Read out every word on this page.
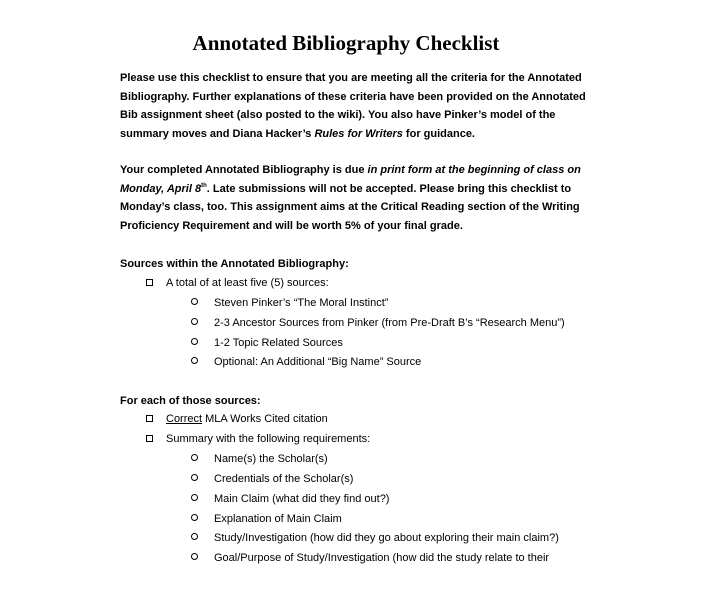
Annotated Bibliography Checklist
Please use this checklist to ensure that you are meeting all the criteria for the Annotated
Bibliography. Further explanations of these criteria have been provided on the Annotated
Bib assignment sheet (also posted to the wiki). You also have Pinker’s model of the
summary moves and Diana Hacker’s Rules for Writers for guidance.
Your completed Annotated Bibliography is due in print form at the beginning of class on
Monday, April 8th. Late submissions will not be accepted. Please bring this checklist to
Monday’s class, too. This assignment aims at the Critical Reading section of the Writing
Proficiency Requirement and will be worth 5% of your final grade.
Sources within the Annotated Bibliography:
A total of at least five (5) sources:
Steven Pinker’s “The Moral Instinct”
2-3 Ancestor Sources from Pinker (from Pre-Draft B’s “Research Menu”)
1-2 Topic Related Sources
Optional: An Additional “Big Name” Source
For each of those sources:
Correct MLA Works Cited citation
Summary with the following requirements:
Name(s) the Scholar(s)
Credentials of the Scholar(s)
Main Claim (what did they find out?)
Explanation of Main Claim
Study/Investigation (how did they go about exploring their main claim?)
Goal/Purpose of Study/Investigation (how did the study relate to their
